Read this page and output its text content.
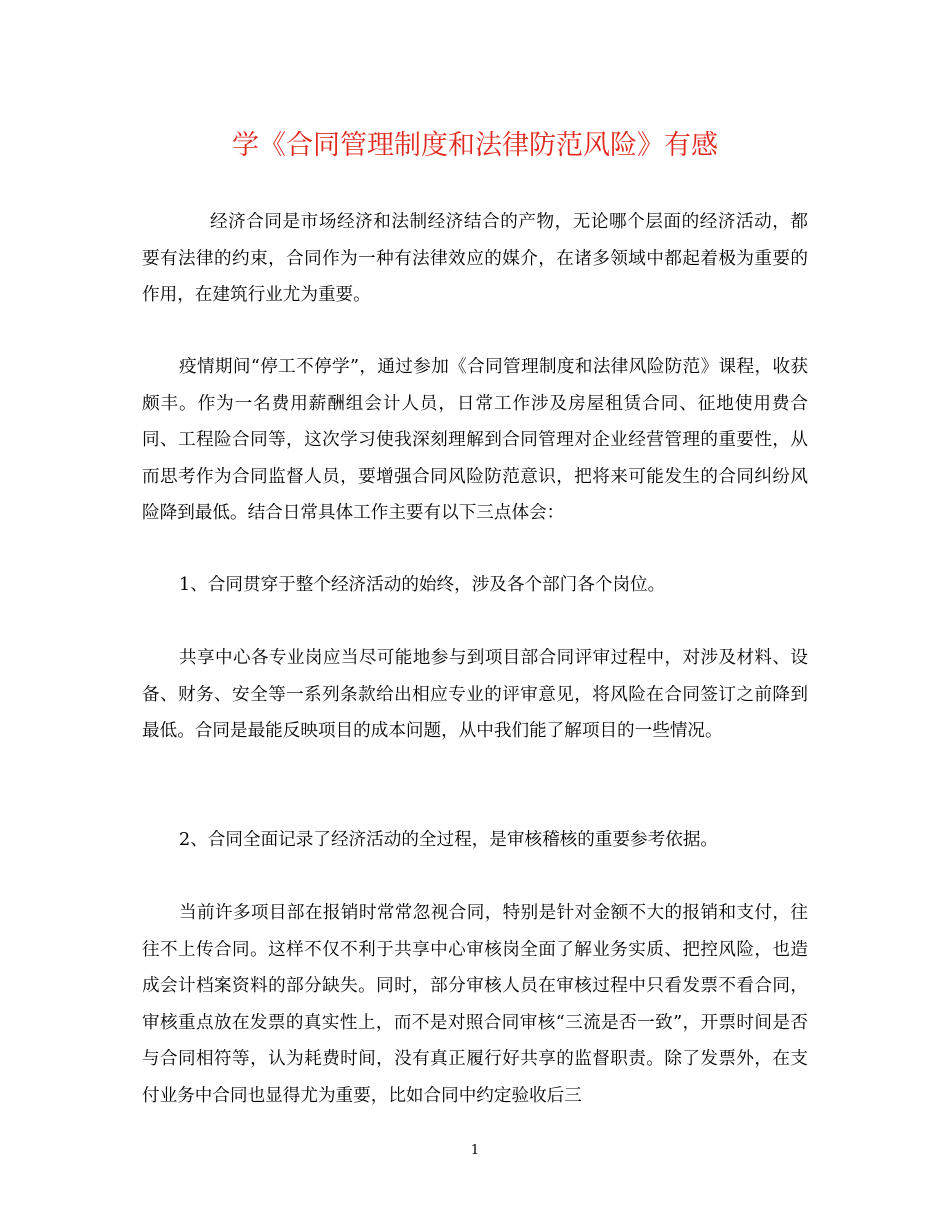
学《合同管理制度和法律防范风险》有感

经济合同是市场经济和法制经济结合的产物，无论哪个层面的经济活动，都要有法律的约束，合同作为一种有法律效应的媒介，在诸多领域中都起着极为重要的作用，在建筑行业尤为重要。

疫情期间“停工不停学”，通过参加《合同管理制度和法律风险防范》课程，收获颇丰。作为一名费用薪酬组会计人员，日常工作涉及房屋租赁合同、征地使用费合同、工程险合同等，这次学习使我深刻理解到合同管理对企业经营管理的重要性，从而思考作为合同监督人员，要增强合同风险防范意识，把将来可能发生的合同纠纷风险降到最低。结合日常具体工作主要有以下三点体会：

1、合同贯穿于整个经济活动的始终，涉及各个部门各个岗位。

共享中心各专业岗应当尽可能地参与到项目部合同评审过程中，对涉及材料、设备、财务、安全等一系列条款给出相应专业的评审意见，将风险在合同签订之前降到最低。合同是最能反映项目的成本问题，从中我们能了解项目的一些情况。

2、合同全面记录了经济活动的全过程，是审核稽核的重要参考依据。

当前许多项目部在报销时常常忽视合同，特别是针对金额不大的报销和支付，往往不上传合同。这样不仅不利于共享中心审核岗全面了解业务实质、把控风险，也造成会计档案资料的部分缺失。同时，部分审核人员在审核过程中只看发票不看合同，审核重点放在发票的真实性上，而不是对照合同审核“三流是否一致”，开票时间是否与合同相符等，认为耗费时间，没有真正履行好共享的监督职责。除了发票外，在支付业务中合同也显得尤为重要，比如合同中约定验收后三

1
